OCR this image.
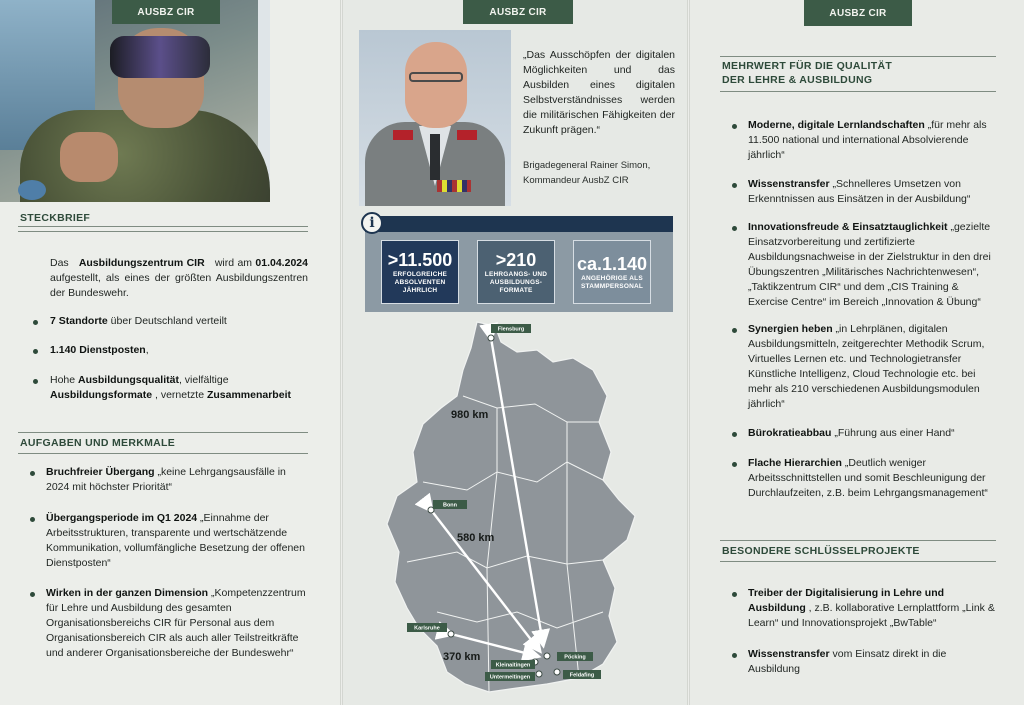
AUSBZ CIR
STECKBRIEF
Das Ausbildungszentrum CIR wird am 01.04.2024 aufgestellt, als eines der größten Ausbildungszentren der Bundeswehr.
7 Standorte über Deutschland verteilt
1.140 Dienstposten,
Hohe Ausbildungsqualität, vielfältige Ausbildungsformate , vernetzte Zusammenarbeit
AUFGABEN UND MERKMALE
Bruchfreier Übergang „keine Lehrgangsausfälle in 2024 mit höchster Priorität“
Übergangsperiode im Q1 2024 „Einnahme der Arbeitsstrukturen, transparente und wertschätzende Kommunikation, vollumfängliche Besetzung der offenen Dienstposten“
Wirken in der ganzen Dimension „Kompetenzzentrum für Lehre und Ausbildung des gesamten Organisationsbereichs CIR für Personal aus dem Organisationsbereich CIR als auch aller Teilstreitkräfte und anderer Organisationsbereiche der Bundeswehr“
AUSBZ CIR
„Das Ausschöpfen der digitalen Möglichkeiten und das Ausbilden eines digitalen Selbstverständnisses werden die militärischen Fähigkeiten der Zukunft prägen.“
Brigadegeneral Rainer Simon,
Kommandeur AusbZ CIR
i
>11.500
ERFOLGREICHE ABSOLVENTEN JÄHRLICH
>210
LEHRGANGS- UND AUSBILDUNGS-FORMATE
ca.1.140
ANGEHÖRIGE ALS STAMMPERSONAL
Flensburg
Bonn
Karlsruhe
Pöcking
Kleinaitingen
Untermeitingen	Feldafing
980 km
580 km
370 km
AUSBZ CIR
MEHRWERT FÜR DIE QUALITÄT
DER LEHRE & AUSBILDUNG
Moderne, digitale Lernlandschaften „für mehr als 11.500 national und international Absolvierende jährlich“
Wissenstransfer „Schnelleres Umsetzen von Erkenntnissen aus Einsätzen in der Ausbildung“
Innovationsfreude & Einsatztauglichkeit „gezielte Einsatzvorbereitung und zertifizierte Ausbildungsnachweise in der Zielstruktur in den drei Übungszentren „Militärisches Nachrichtenwesen“, „Taktikzentrum CIR“ und dem „CIS Training & Exercise Centre“ im Bereich „Innovation & Übung“
Synergien heben „in Lehrplänen, digitalen Ausbildungsmitteln, zeitgerechter Methodik Scrum, Virtuelles Lernen etc. und Technologietransfer Künstliche Intelligenz, Cloud Technologie etc. bei mehr als 210 verschiedenen Ausbildungsmodulen jährlich“
Bürokratieabbau „Führung aus einer Hand“
Flache Hierarchien „Deutlich weniger Arbeitsschnittstellen und somit Beschleunigung der Durchlaufzeiten, z.B. beim Lehrgangsmanagement“
BESONDERE SCHLÜSSELPROJEKTE
Treiber der Digitalisierung in Lehre und Ausbildung , z.B. kollaborative Lernplattform „Link & Learn“ und Innovationsprojekt „BwTable“
Wissenstransfer vom Einsatz direkt in die Ausbildung
